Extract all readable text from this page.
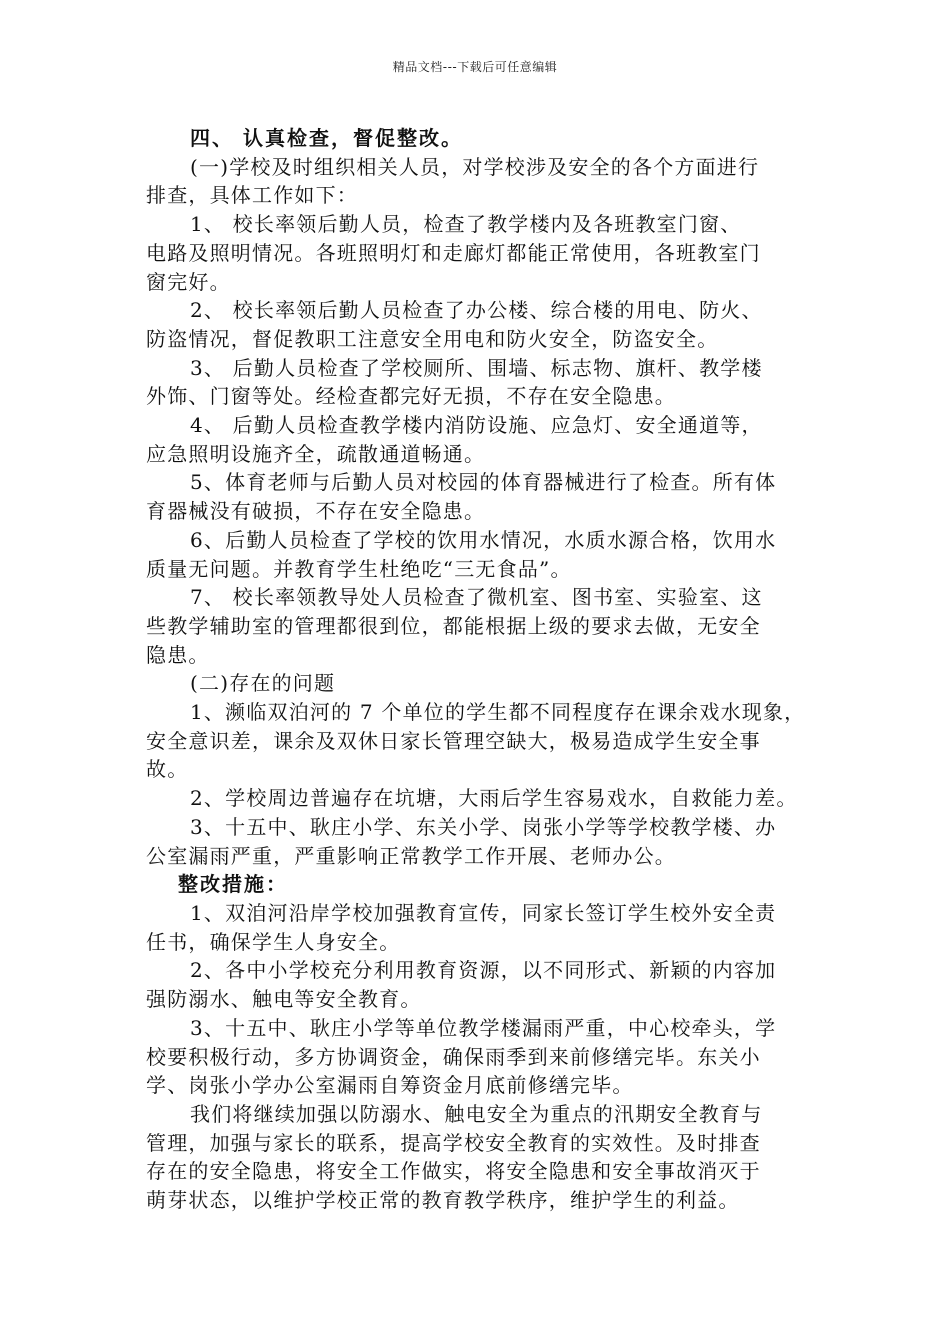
精品文档---下载后可任意编辑
四、 认真检查，督促整改。
(一)学校及时组织相关人员，对学校涉及安全的各个方面进行
排查，具体工作如下：
1、 校长率领后勤人员，检查了教学楼内及各班教室门窗、
电路及照明情况。各班照明灯和走廊灯都能正常使用，各班教室门
窗完好。
2、 校长率领后勤人员检查了办公楼、综合楼的用电、防火、
防盗情况，督促教职工注意安全用电和防火安全，防盗安全。
3、 后勤人员检查了学校厕所、围墙、标志物、旗杆、教学楼
外饰、门窗等处。经检查都完好无损，不存在安全隐患。
4、 后勤人员检查教学楼内消防设施、应急灯、安全通道等，
应急照明设施齐全，疏散通道畅通。
5、体育老师与后勤人员对校园的体育器械进行了检查。所有体
育器械没有破损，不存在安全隐患。
6、后勤人员检查了学校的饮用水情况，水质水源合格，饮用水
质量无问题。并教育学生杜绝吃“三无食品”。
7、 校长率领教导处人员检查了微机室、图书室、实验室、这
些教学辅助室的管理都很到位，都能根据上级的要求去做，无安全
隐患。
(二)存在的问题
1、濒临双泊河的 7 个单位的学生都不同程度存在课余戏水现象，
安全意识差，课余及双休日家长管理空缺大，极易造成学生安全事
故。
2、学校周边普遍存在坑塘，大雨后学生容易戏水，自救能力差。
3、十五中、耿庄小学、东关小学、岗张小学等学校教学楼、办
公室漏雨严重，严重影响正常教学工作开展、老师办公。
整改措施：
1、双洎河沿岸学校加强教育宣传，同家长签订学生校外安全责
任书，确保学生人身安全。
2、各中小学校充分利用教育资源，以不同形式、新颖的内容加
强防溺水、触电等安全教育。
3、十五中、耿庄小学等单位教学楼漏雨严重，中心校牵头，学
校要积极行动，多方协调资金，确保雨季到来前修缮完毕。东关小
学、岗张小学办公室漏雨自筹资金月底前修缮完毕。
我们将继续加强以防溺水、触电安全为重点的汛期安全教育与
管理，加强与家长的联系，提高学校安全教育的实效性。及时排查
存在的安全隐患，将安全工作做实，将安全隐患和安全事故消灭于
萌芽状态，以维护学校正常的教育教学秩序，维护学生的利益。
